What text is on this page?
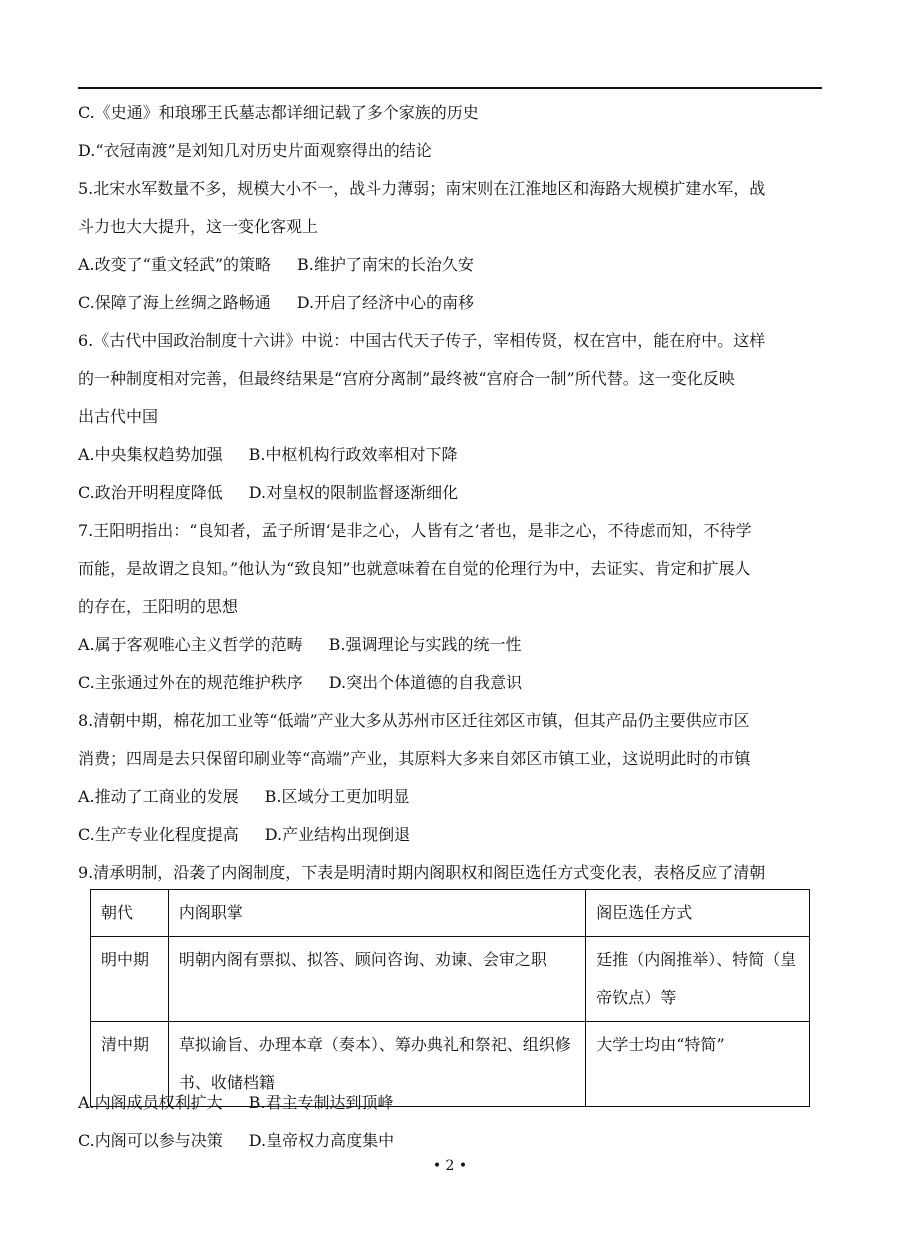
C.《史通》和琅琊王氏墓志都详细记载了多个家族的历史
D.“衣冠南渡”是刘知几对历史片面观察得出的结论
5.北宋水军数量不多，规模大小不一，战斗力薄弱；南宋则在江淮地区和海路大规模扩建水军，战
斗力也大大提升，这一变化客观上
A.改变了“重文轻武”的策略 B.维护了南宋的长治久安
C.保障了海上丝绸之路畅通 D.开启了经济中心的南移
6.《古代中国政治制度十六讲》中说：中国古代天子传子，宰相传贤，权在宫中，能在府中。这样
的一种制度相对完善，但最终结果是“宫府分离制”最终被“宫府合一制”所代替。这一变化反映
出古代中国
A.中央集权趋势加强 B.中枢机构行政效率相对下降
C.政治开明程度降低 D.对皇权的限制监督逐渐细化
7.王阳明指出：“良知者，孟子所谓‘是非之心，人皆有之’者也，是非之心，不待虑而知，不待学
而能，是故谓之良知。”他认为“致良知”也就意味着在自觉的伦理行为中，去证实、肯定和扩展人
的存在，王阳明的思想
A.属于客观唯心主义哲学的范畴 B.强调理论与实践的统一性
C.主张通过外在的规范维护秩序 D.突出个体道德的自我意识
8.清朝中期，棉花加工业等“低端”产业大多从苏州市区迁往郊区市镇，但其产品仍主要供应市区
消费；四周是去只保留印刷业等“高端”产业，其原料大多来自郊区市镇工业，这说明此时的市镇
A.推动了工商业的发展 B.区域分工更加明显
C.生产专业化程度提高 D.产业结构出现倒退
9.清承明制，沿袭了内阁制度，下表是明清时期内阁职权和阁臣选任方式变化表，表格反应了清朝
朝代	内阁职掌	阁臣选任方式
明中期	明朝内阁有票拟、拟答、顾问咨询、劝谏、会审之职	廷推（内阁推举）、特简（皇帝钦点）等
清中期	草拟谕旨、办理本章（奏本）、筹办典礼和祭祀、组织修书、收储档籍	大学士均由“特简”
A.内阁成员权利扩大 B.君主专制达到顶峰
C.内阁可以参与决策 D.皇帝权力高度集中
• 2 •
